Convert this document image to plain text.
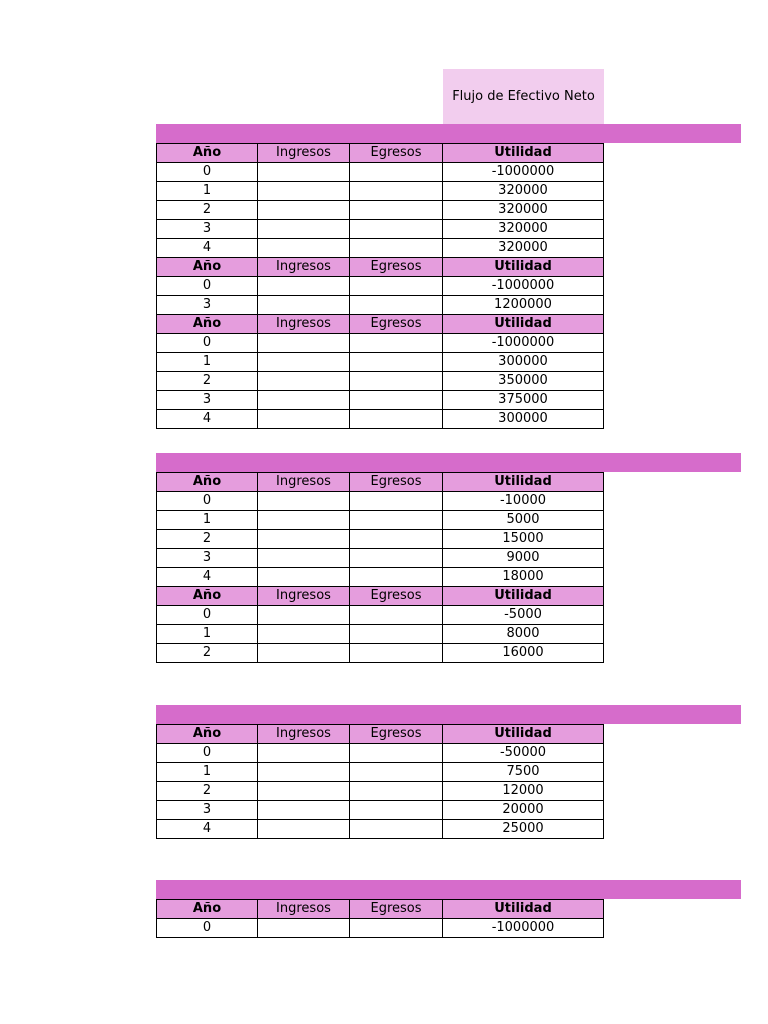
Flujo de Efectivo Neto
Año	Ingresos	Egresos	Utilidad
0			-1000000
1			320000
2			320000
3			320000
4			320000
Año	Ingresos	Egresos	Utilidad
0			-1000000
3			1200000
Año	Ingresos	Egresos	Utilidad
0			-1000000
1			300000
2			350000
3			375000
4			300000
Año	Ingresos	Egresos	Utilidad
0			-10000
1			5000
2			15000
3			9000
4			18000
Año	Ingresos	Egresos	Utilidad
0			-5000
1			8000
2			16000
Año	Ingresos	Egresos	Utilidad
0			-50000
1			7500
2			12000
3			20000
4			25000
Año	Ingresos	Egresos	Utilidad
0			-1000000
